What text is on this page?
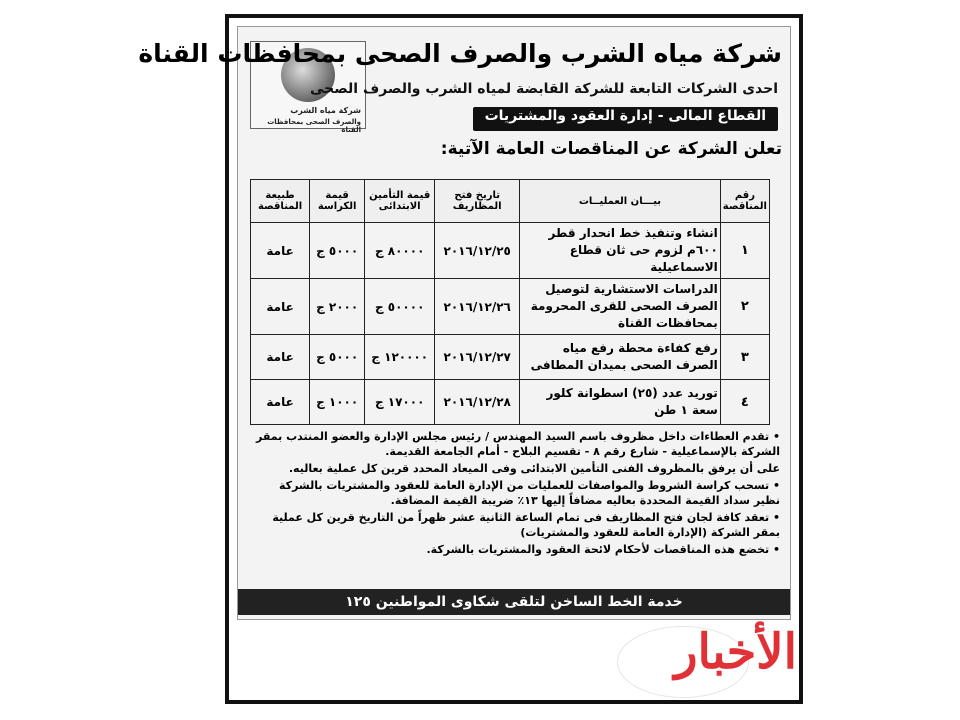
شركة مياه الشرب
والصرف الصحى بمحافظات القناة
شركة مياه الشرب والصرف الصحى بمحافظات القناة
احدى الشركات التابعة للشركة القابضة لمياه الشرب والصرف الصحى
القطاع المالى - إدارة العقود والمشتريات
تعلن الشركة عن المناقصات العامة الآتية:
رقم المناقصة	بيـــان العمليــات	تاريخ فتح المظاريف	قيمة التأمين الابتدائى	قيمة الكراسة	طبيعة المناقصة
١	انشاء وتنفيذ خط انحدار قطر ٦٠٠م لزوم حى ثان قطاع الاسماعيلية	٢٠١٦/١٢/٢٥	٨٠٠٠٠ ج	٥٠٠٠ ج	عامة
٢	الدراسات الاستشارية لتوصيل الصرف الصحى للقرى المحرومة بمحافظات القناة	٢٠١٦/١٢/٢٦	٥٠٠٠٠ ج	٢٠٠٠ ج	عامة
٣	رفع كفاءة محطة رفع مياه الصرف الصحى بميدان المطافى	٢٠١٦/١٢/٢٧	١٢٠٠٠٠ ج	٥٠٠٠ ج	عامة
٤	توريد عدد (٢٥) اسطوانة كلور سعة ١ طن	٢٠١٦/١٢/٢٨	١٧٠٠٠ ج	١٠٠٠ ج	عامة

• تقدم العطاءات داخل مظروف باسم السيد المهندس / رئيس مجلس الإدارة والعضو المنتدب بمقر الشركة بالإسماعيلية - شارع رقم ٨ - تقسيم البلاح - أمام الجامعة القديمة.

على أن يرفق بالمظروف الفنى التأمين الابتدائى وفى الميعاد المحدد قرين كل عملية بعاليه.

• تسحب كراسة الشروط والمواصفات للعمليات من الإدارة العامة للعقود والمشتريات بالشركة نظير سداد القيمة المحددة بعاليه مضافاً إليها ١٣٪ ضريبة القيمة المضافة.

• تعقد كافة لجان فتح المظاريف فى تمام الساعة الثانية عشر ظهراً من التاريخ قرين كل عملية بمقر الشركة (الإدارة العامة للعقود والمشتريات)

• تخضع هذه المناقصات لأحكام لائحة العقود والمشتريات بالشركة.

خدمة الخط الساخن لتلقى شكاوى المواطنين ١٢٥
الأخبار
